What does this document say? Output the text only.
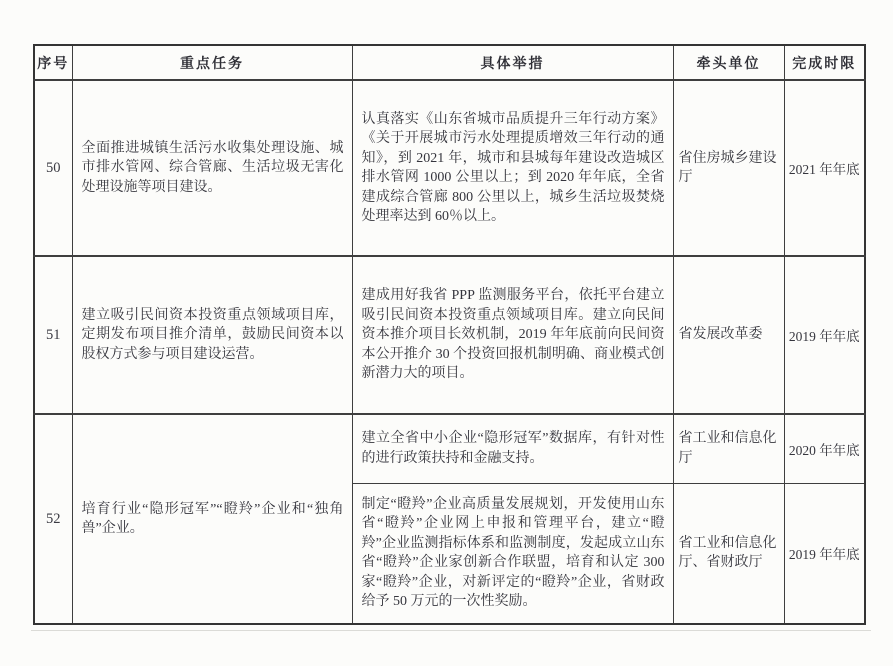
序号	重点任务	具体举措	牵头单位	完成时限
50	全面推进城镇生活污水收集处理设施、城市排水管网、综合管廊、生活垃圾无害化处理设施等项目建设。	认真落实《山东省城市品质提升三年行动方案》《关于开展城市污水处理提质增效三年行动的通知》，到 2021 年，城市和县城每年建设改造城区排水管网 1000 公里以上；到 2020 年年底，全省建成综合管廊 800 公里以上，城乡生活垃圾焚烧处理率达到 60％以上。	省住房城乡建设厅	2021 年年底
51	建立吸引民间资本投资重点领域项目库，定期发布项目推介清单，鼓励民间资本以股权方式参与项目建设运营。	建成用好我省 PPP 监测服务平台，依托平台建立吸引民间资本投资重点领域项目库。建立向民间资本推介项目长效机制，2019 年年底前向民间资本公开推介 30 个投资回报机制明确、商业模式创新潜力大的项目。	省发展改革委	2019 年年底
52	培育行业“隐形冠军”“瞪羚”企业和“独角兽”企业。	建立全省中小企业“隐形冠军”数据库，有针对性的进行政策扶持和金融支持。	省工业和信息化厅	2020 年年底

		制定“瞪羚”企业高质量发展规划，开发使用山东省“瞪羚”企业网上申报和管理平台，建立“瞪羚”企业监测指标体系和监测制度，发起成立山东省“瞪羚”企业家创新合作联盟，培育和认定 300 家“瞪羚”企业，对新评定的“瞪羚”企业，省财政给予 50 万元的一次性奖励。	省工业和信息化厅、省财政厅	2019 年年底
